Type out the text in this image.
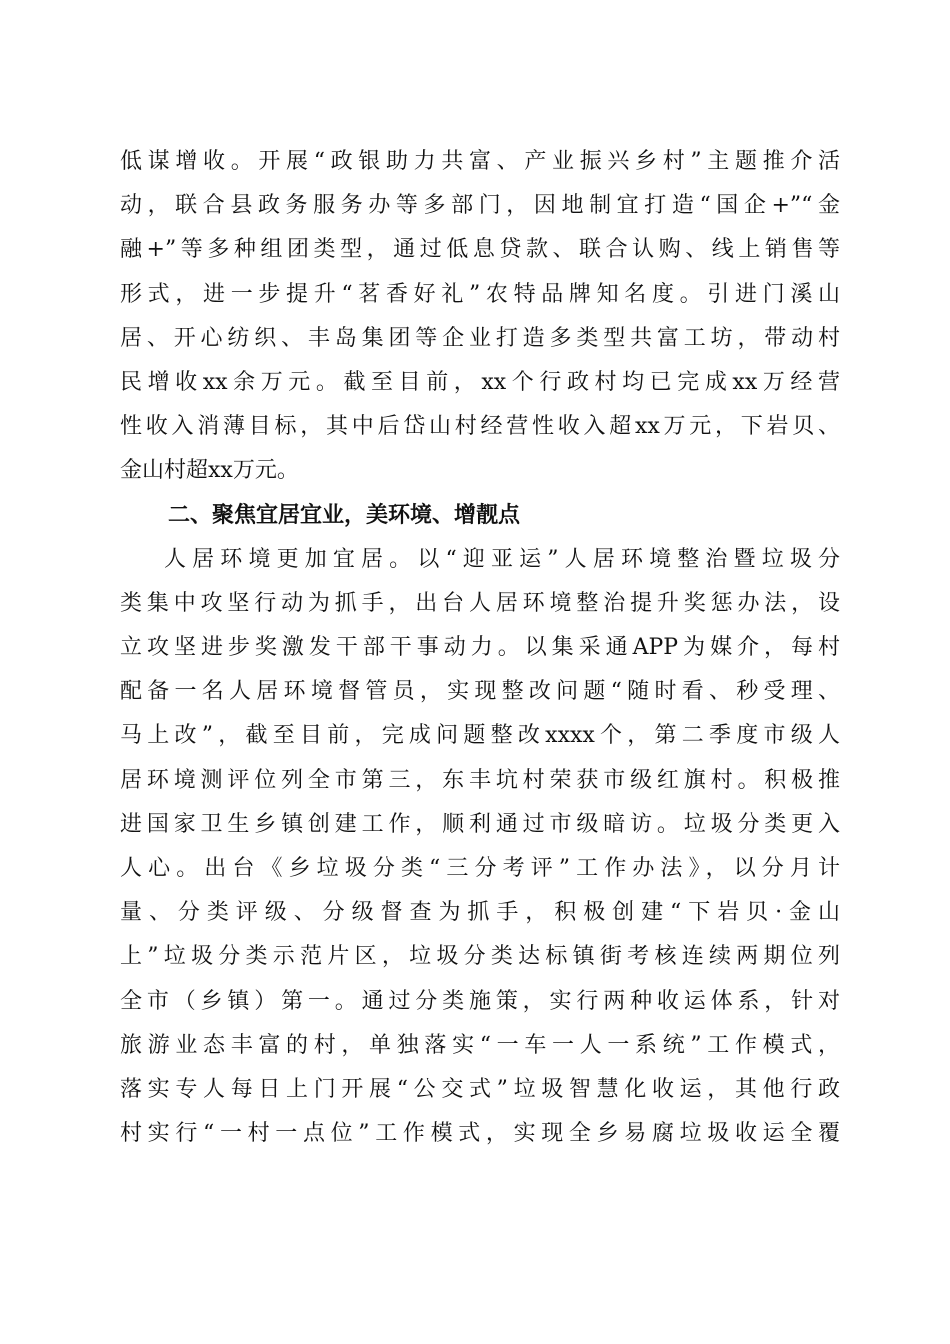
低谋增收。开展“政银助力共富、产业振兴乡村”主题推介活
动，联合县政务服务办等多部门，因地制宜打造“国企+”“金
融+”等多种组团类型，通过低息贷款、联合认购、线上销售等
形式，进一步提升“茗香好礼”农特品牌知名度。引进门溪山
居、开心纺织、丰岛集团等企业打造多类型共富工坊，带动村
民增收xx余万元。截至目前，xx个行政村均已完成xx万经营
性收入消薄目标，其中后岱山村经营性收入超xx万元，下岩贝、
金山村超xx万元。
二、聚焦宜居宜业，美环境、增靓点
人居环境更加宜居。以“迎亚运”人居环境整治暨垃圾分
类集中攻坚行动为抓手，出台人居环境整治提升奖惩办法，设
立攻坚进步奖激发干部干事动力。以集采通APP为媒介，每村
配备一名人居环境督管员，实现整改问题“随时看、秒受理、
马上改”，截至目前，完成问题整改xxxx个，第二季度市级人
居环境测评位列全市第三，东丰坑村荣获市级红旗村。积极推
进国家卫生乡镇创建工作，顺利通过市级暗访。垃圾分类更入
人心。出台《乡垃圾分类“三分考评”工作办法》，以分月计
量、分类评级、分级督查为抓手，积极创建“下岩贝·金山
上”垃圾分类示范片区，垃圾分类达标镇街考核连续两期位列
全市（乡镇）第一。通过分类施策，实行两种收运体系，针对
旅游业态丰富的村，单独落实“一车一人一系统”工作模式，
落实专人每日上门开展“公交式”垃圾智慧化收运，其他行政
村实行“一村一点位”工作模式，实现全乡易腐垃圾收运全覆
